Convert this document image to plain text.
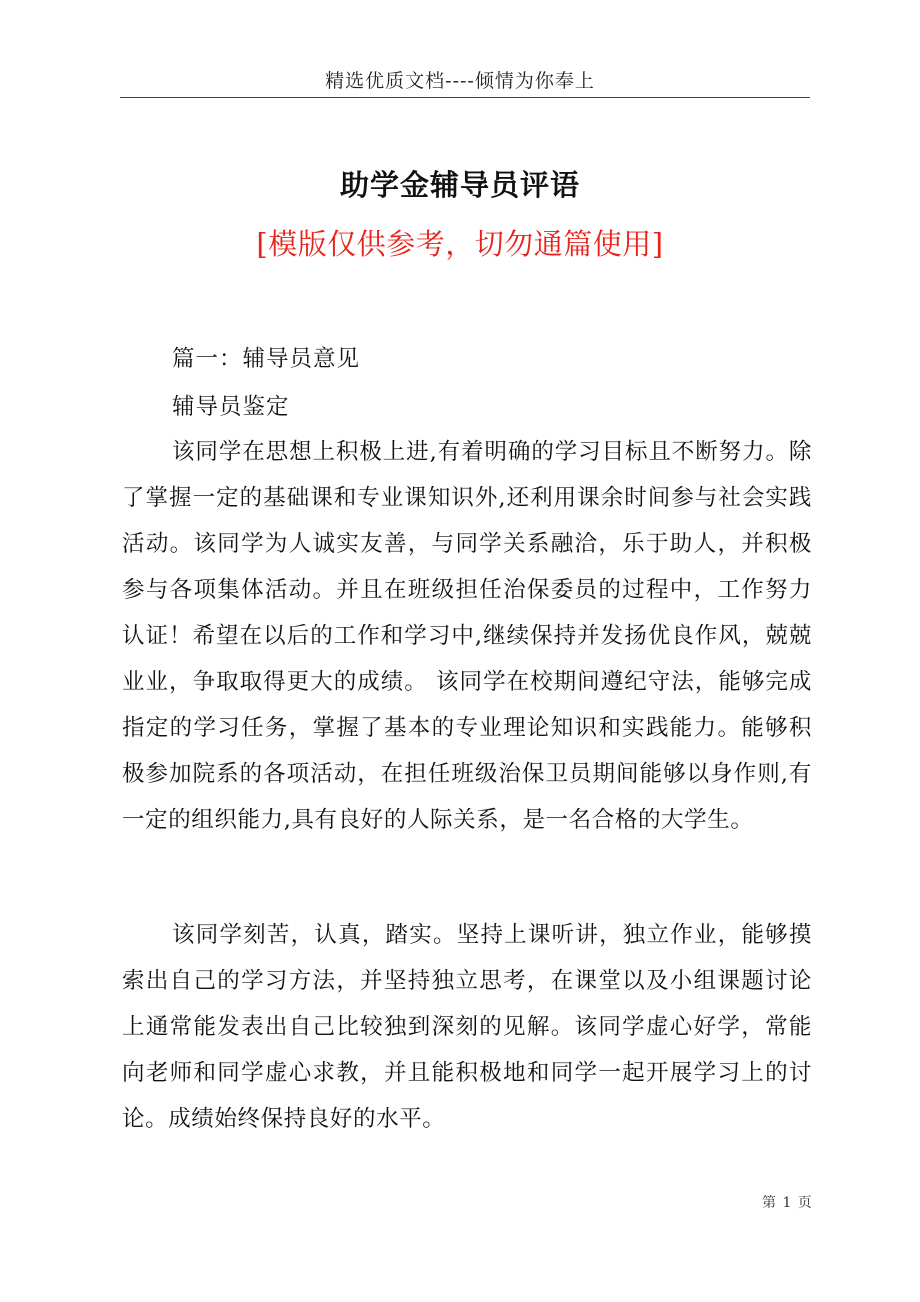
精选优质文档----倾情为你奉上
助学金辅导员评语
[模版仅供参考，切勿通篇使用]
篇一：辅导员意见
辅导员鉴定
该同学在思想上积极上进,有着明确的学习目标且不断努力。除了掌握一定的基础课和专业课知识外,还利用课余时间参与社会实践活动。该同学为人诚实友善，与同学关系融洽，乐于助人，并积极参与各项集体活动。并且在班级担任治保委员的过程中，工作努力认证！希望在以后的工作和学习中,继续保持并发扬优良作风，兢兢业业，争取取得更大的成绩。 该同学在校期间遵纪守法，能够完成指定的学习任务，掌握了基本的专业理论知识和实践能力。能够积极参加院系的各项活动，在担任班级治保卫员期间能够以身作则,有一定的组织能力,具有良好的人际关系，是一名合格的大学生。
该同学刻苦，认真，踏实。坚持上课听讲，独立作业，能够摸索出自己的学习方法，并坚持独立思考，在课堂以及小组课题讨论上通常能发表出自己比较独到深刻的见解。该同学虚心好学，常能向老师和同学虚心求教，并且能积极地和同学一起开展学习上的讨论。成绩始终保持良好的水平。
第 1 页
